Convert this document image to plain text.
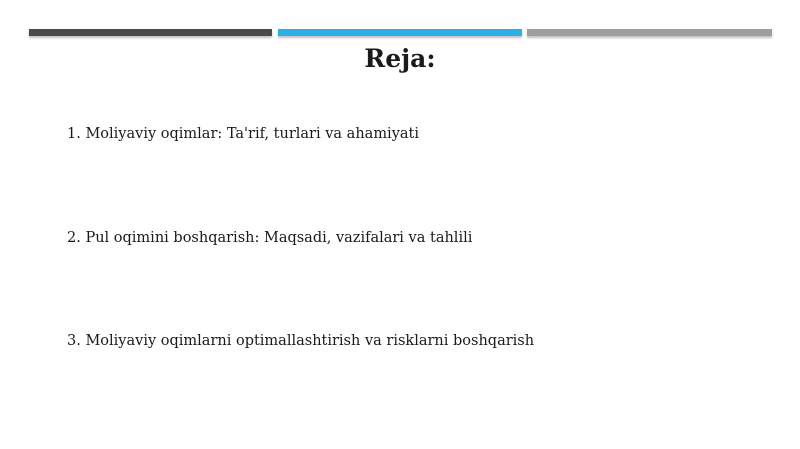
Reja:
1. Moliyaviy oqimlar: Ta'rif, turlari va ahamiyati
2. Pul oqimini boshqarish: Maqsadi, vazifalari va tahlili
3. Moliyaviy oqimlarni optimallashtirish va risklarni boshqarish
